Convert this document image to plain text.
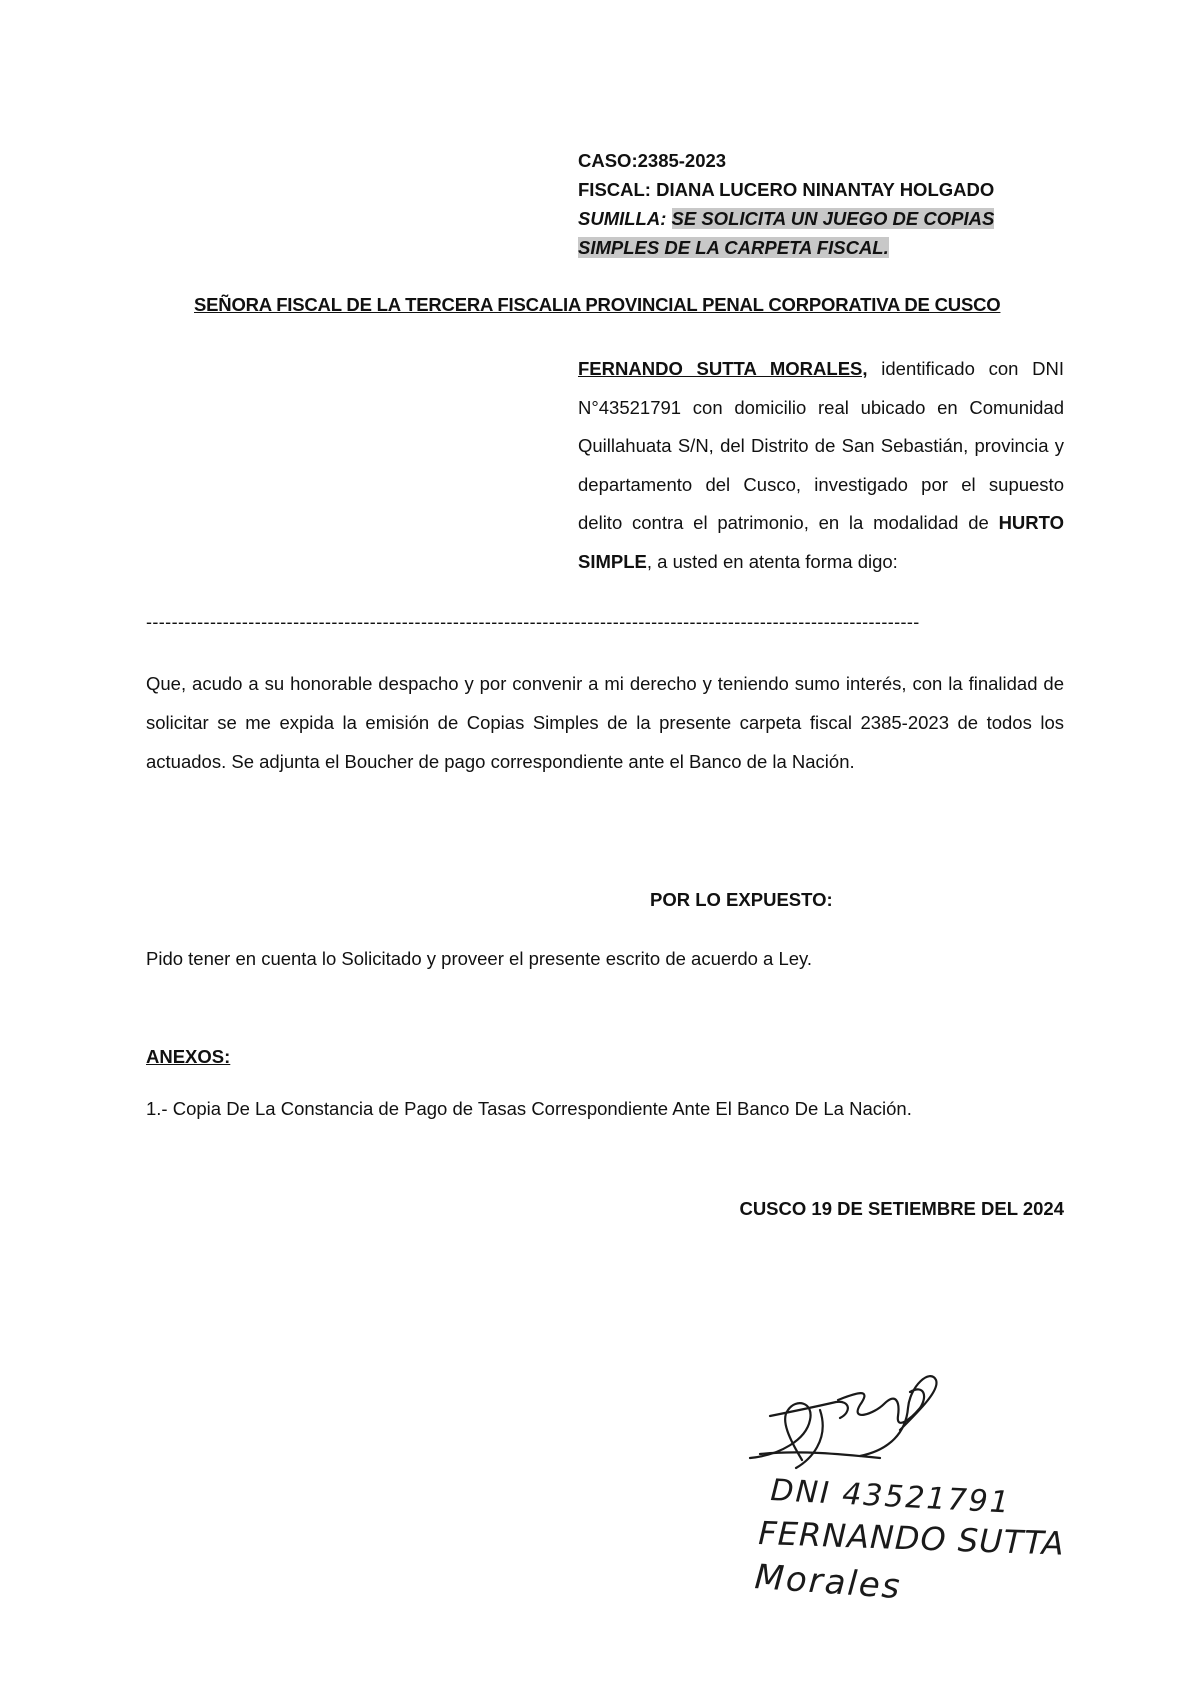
CASO:2385-2023
FISCAL: DIANA LUCERO NINANTAY HOLGADO
SUMILLA: SE SOLICITA UN JUEGO DE COPIAS
SIMPLES DE LA CARPETA FISCAL.
SEÑORA FISCAL DE LA TERCERA FISCALIA PROVINCIAL PENAL CORPORATIVA DE CUSCO
FERNANDO SUTTA MORALES, identificado con DNI N°43521791 con domicilio real ubicado en Comunidad Quillahuata S/N, del Distrito de San Sebastián, provincia y departamento del Cusco, investigado por el supuesto delito contra el patrimonio, en la modalidad de HURTO SIMPLE, a usted en atenta forma digo:
-------------------------------------------------------------------------------------------------------------------------
Que, acudo a su honorable despacho y por convenir a mi derecho y teniendo sumo interés, con la finalidad de solicitar se me expida la emisión de Copias Simples de la presente carpeta fiscal 2385-2023 de todos los actuados. Se adjunta el Boucher de pago correspondiente ante el Banco de la Nación.
POR LO EXPUESTO:
Pido tener en cuenta lo Solicitado y proveer el presente escrito de acuerdo a Ley.
ANEXOS:
1.- Copia De La Constancia de Pago de Tasas Correspondiente Ante El Banco De La Nación.
CUSCO 19 DE SETIEMBRE DEL 2024
DNI 43521791
FERNANDO SUTTA
Morales
